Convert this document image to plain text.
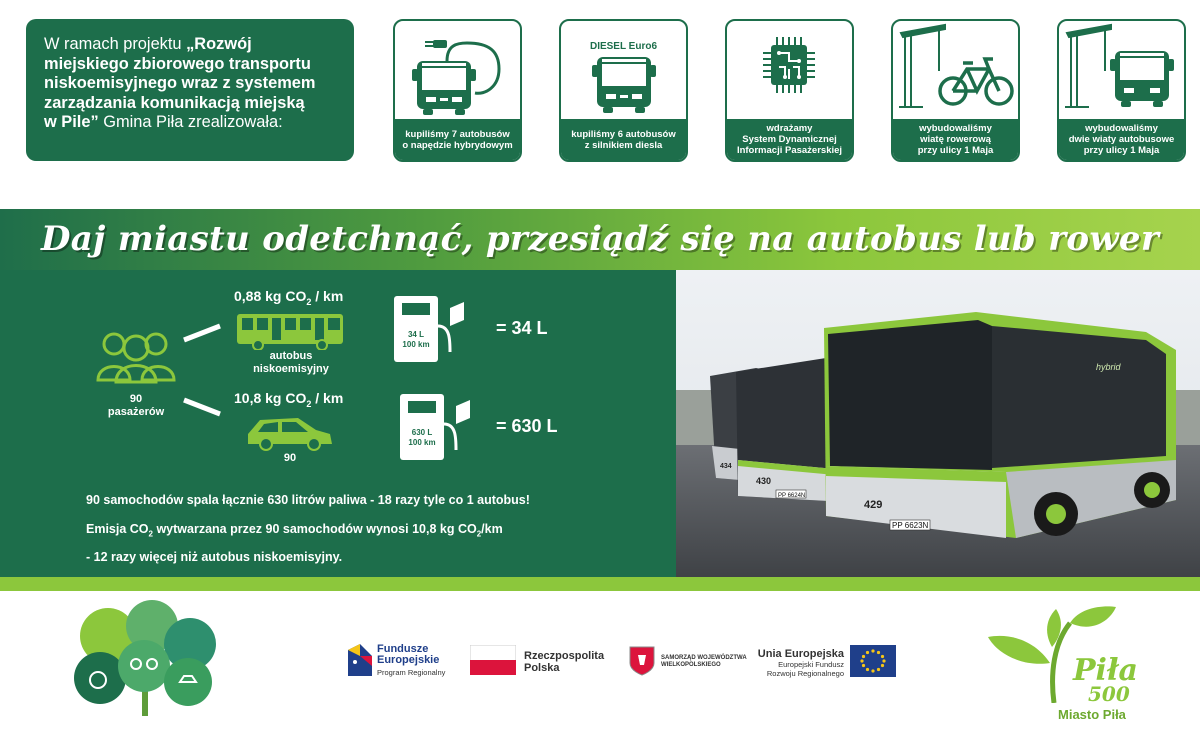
W ramach projektu „Rozwój
miejskiego zbiorowego transportu
niskoemisyjnego wraz z systemem
zarządzania komunikacją miejską
w Pile” Gmina Piła zrealizowała:
kupiliśmy 7 autobusów
o napędzie hybrydowym
DIESEL Euro6
kupiliśmy 6 autobusów
z silnikiem diesla
wdrażamy
System Dynamicznej
Informacji Pasażerskiej
wybudowaliśmy
wiatę rowerową
przy ulicy 1 Maja
wybudowaliśmy
dwie wiaty autobusowe
przy ulicy 1 Maja
Daj miastu odetchnąć, przesiądź się na autobus lub rower
90
pasażerów
0,88 kg $CO_2$ / km
autobus
niskoemisyjny
34 L
100 km
= 34 L
10,8 kg $CO_2$ / km
90
630 L
100 km
= 630 L
90 samochodów spala łącznie 630 litrów paliwa - 18 razy tyle co 1 autobus!
Emisja $CO_2$ wytwarzana przez 90 samochodów wynosi 10,8 kg $CO_2/km$
- 12 razy więcej niż autobus niskoemisyjny.
430
434
PP 6624N
429
PP 6623N
hybrid
Fundusze
Europejskie
Program Regionalny
Rzeczpospolita
Polska
SAMORZĄD WOJEWÓDZTWA
WIELKOPOLSKIEGO
Unia Europejska
Europejski Fundusz
Rozwoju Regionalnego	Piła
500
Miasto Piła
